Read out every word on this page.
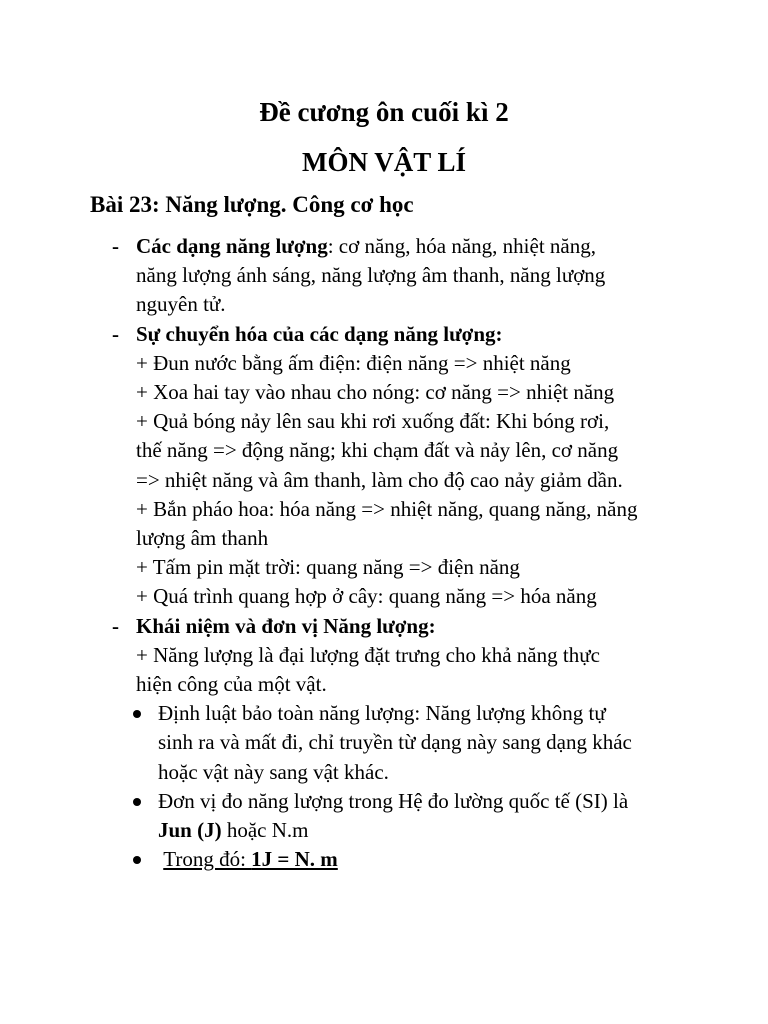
Đề cương ôn cuối kì 2
MÔN VẬT LÍ
Bài 23: Năng lượng. Công cơ học
- Các dạng năng lượng: cơ năng, hóa năng, nhiệt năng,
năng lượng ánh sáng, năng lượng âm thanh, năng lượng
nguyên tử.
- Sự chuyển hóa của các dạng năng lượng:
+ Đun nước bằng ấm điện: điện năng => nhiệt năng
+ Xoa hai tay vào nhau cho nóng: cơ năng => nhiệt năng
+ Quả bóng nảy lên sau khi rơi xuống đất: Khi bóng rơi,
thế năng => động năng; khi chạm đất và nảy lên, cơ năng
=> nhiệt năng và âm thanh, làm cho độ cao nảy giảm dần.
+ Bắn pháo hoa: hóa năng => nhiệt năng, quang năng, năng
lượng âm thanh
+ Tấm pin mặt trời: quang năng => điện năng
+ Quá trình quang hợp ở cây: quang năng => hóa năng
- Khái niệm và đơn vị Năng lượng:
+ Năng lượng là đại lượng đặt trưng cho khả năng thực
hiện công của một vật.
Định luật bảo toàn năng lượng: Năng lượng không tự
sinh ra và mất đi, chỉ truyền từ dạng này sang dạng khác
hoặc vật này sang vật khác.
Đơn vị đo năng lượng trong Hệ đo lường quốc tế (SI) là
Jun (J) hoặc N.m
Trong đó: 1J = N. m
